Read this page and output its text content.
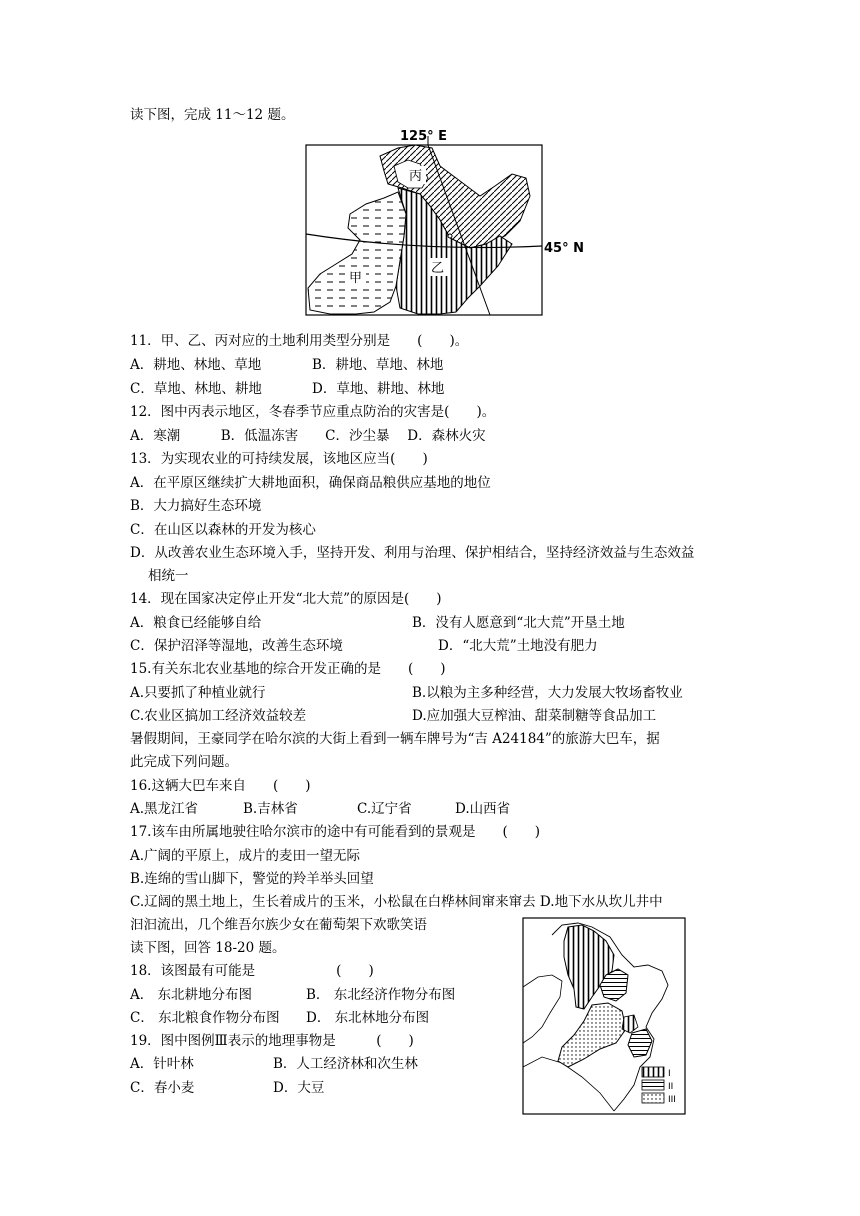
读下图，完成 11～12 题。
125° E
45° N
甲
乙
丙
11．甲、乙、丙对应的土地利用类型分别是　　(　　)。
A．耕地、林地、草地	B．耕地、草地、林地
C．草地、林地、耕地	D．草地、耕地、林地
12．图中丙表示地区，冬春季节应重点防治的灾害是(　　)。
A．寒潮　　　B．低温冻害　　C．沙尘暴　 D．森林火灾
13．为实现农业的可持续发展，该地区应当(　　)
A．在平原区继续扩大耕地面积，确保商品粮供应基地的地位
B．大力搞好生态环境
C．在山区以森林的开发为核心
D．从改善农业生态环境入手，坚持开发、利用与治理、保护相结合，坚持经济效益与生态效益
相统一
14．现在国家决定停止开发“北大荒”的原因是(　　)
A．粮食已经能够自给	B．没有人愿意到“北大荒”开垦土地
C．保护沼泽等湿地，改善生态环境	D．“北大荒”土地没有肥力
15.有关东北农业基地的综合开发正确的是　　(　　)
A.只要抓了种植业就行	B.以粮为主多种经营，大力发展大牧场畜牧业
C.农业区搞加工经济效益较差	D.应加强大豆榨油、甜菜制糖等食品加工
暑假期间，王豪同学在哈尔滨的大街上看到一辆车牌号为“吉 A24184”的旅游大巴车，据
此完成下列问题。
16.这辆大巴车来自　　(　　)
A.黑龙江省	B.吉林省	C.辽宁省	D.山西省
17.该车由所属地驶往哈尔滨市的途中有可能看到的景观是　　(　　)
A.广阔的平原上，成片的麦田一望无际
B.连绵的雪山脚下，警觉的羚羊举头回望
C.辽阔的黑土地上，生长着成片的玉米，小松鼠在白桦林间窜来窜去 D.地下水从坎儿井中
汩汩流出，几个维吾尔族少女在葡萄架下欢歌笑语
读下图，回答 18-20 题。
18．该图最有可能是　　　　　　(　　)
A． 东北耕地分布图	B． 东北经济作物分布图
C． 东北粮食作物分布图 D． 东北林地分布图
19．图中图例Ⅲ表示的地理事物是　　　(　　)
A．针叶林	B．人工经济林和次生林
C．春小麦	D．大豆
I
II
III
